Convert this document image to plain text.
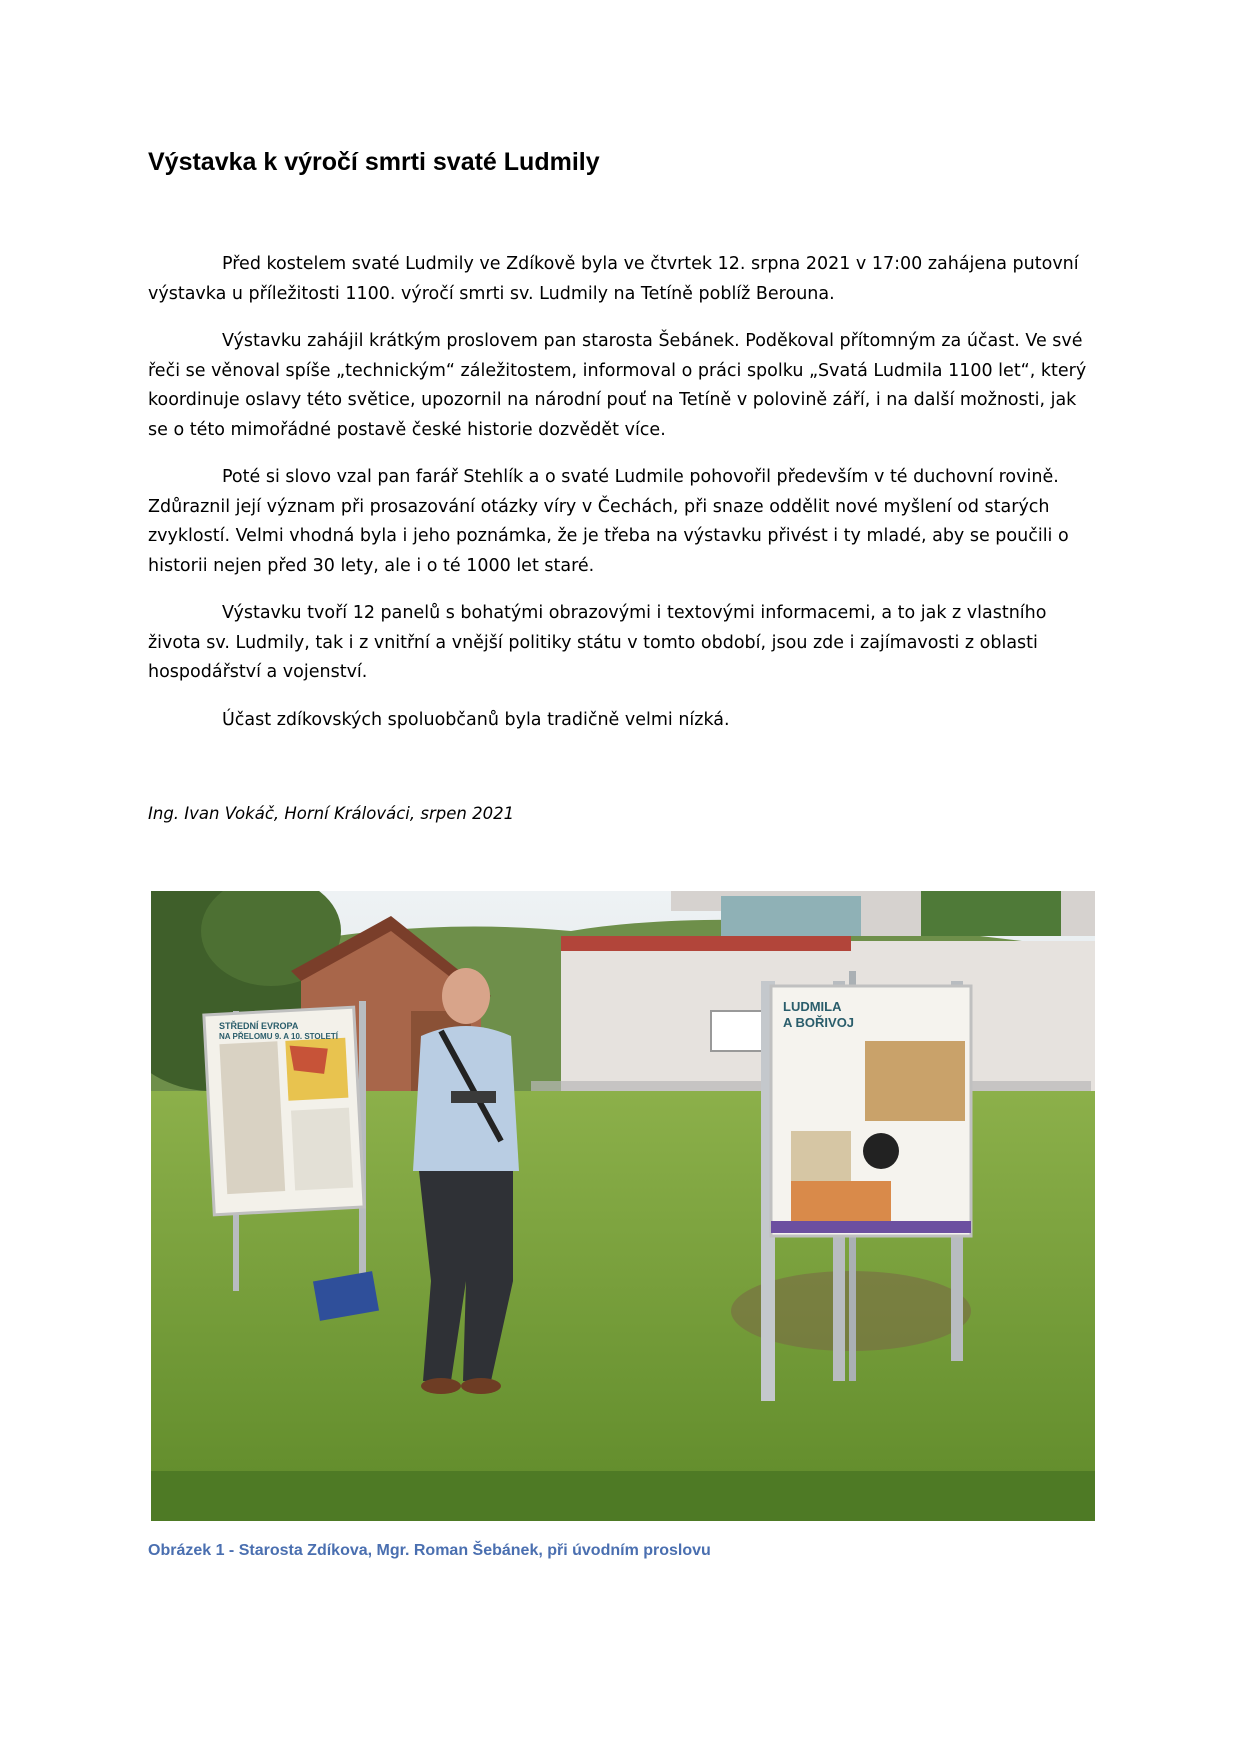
Výstavka k výročí smrti svaté Ludmily

Před kostelem svaté Ludmily ve Zdíkově byla ve čtvrtek 12. srpna 2021 v 17:00 zahájena putovní výstavka u příležitosti 1100. výročí smrti sv. Ludmily na Tetíně poblíž Berouna.

Výstavku zahájil krátkým proslovem pan starosta Šebánek. Poděkoval přítomným za účast. Ve své řeči se věnoval spíše „technickým“ záležitostem, informoval o práci spolku „Svatá Ludmila 1100 let“, který koordinuje oslavy této světice, upozornil na národní pouť na Tetíně v polovině září, i na další možnosti, jak se o této mimořádné postavě české historie dozvědět více.

Poté si slovo vzal pan farář Stehlík a o svaté Ludmile pohovořil především v té duchovní rovině. Zdůraznil její význam při prosazování otázky víry v Čechách, při snaze oddělit nové myšlení od starých zvyklostí. Velmi vhodná byla i jeho poznámka, že je třeba na výstavku přivést i ty mladé, aby se poučili o historii nejen před 30 lety, ale i o té 1000 let staré.

Výstavku tvoří 12 panelů s bohatými obrazovými i textovými informacemi, a to jak z vlastního života sv. Ludmily, tak i z vnitřní a vnější politiky státu v tomto období, jsou zde i zajímavosti z oblasti hospodářství a vojenství.

Účast zdíkovských spoluobčanů byla tradičně velmi nízká.

Ing. Ivan Vokáč, Horní Králováci, srpen 2021
STŘEDNÍ EVROPA
NA PŘELOMU 9. A 10. STOLETÍ
LUDMILA
A BOŘIVOJ
Obrázek 1 - Starosta Zdíkova, Mgr. Roman Šebánek, při úvodním proslovu
